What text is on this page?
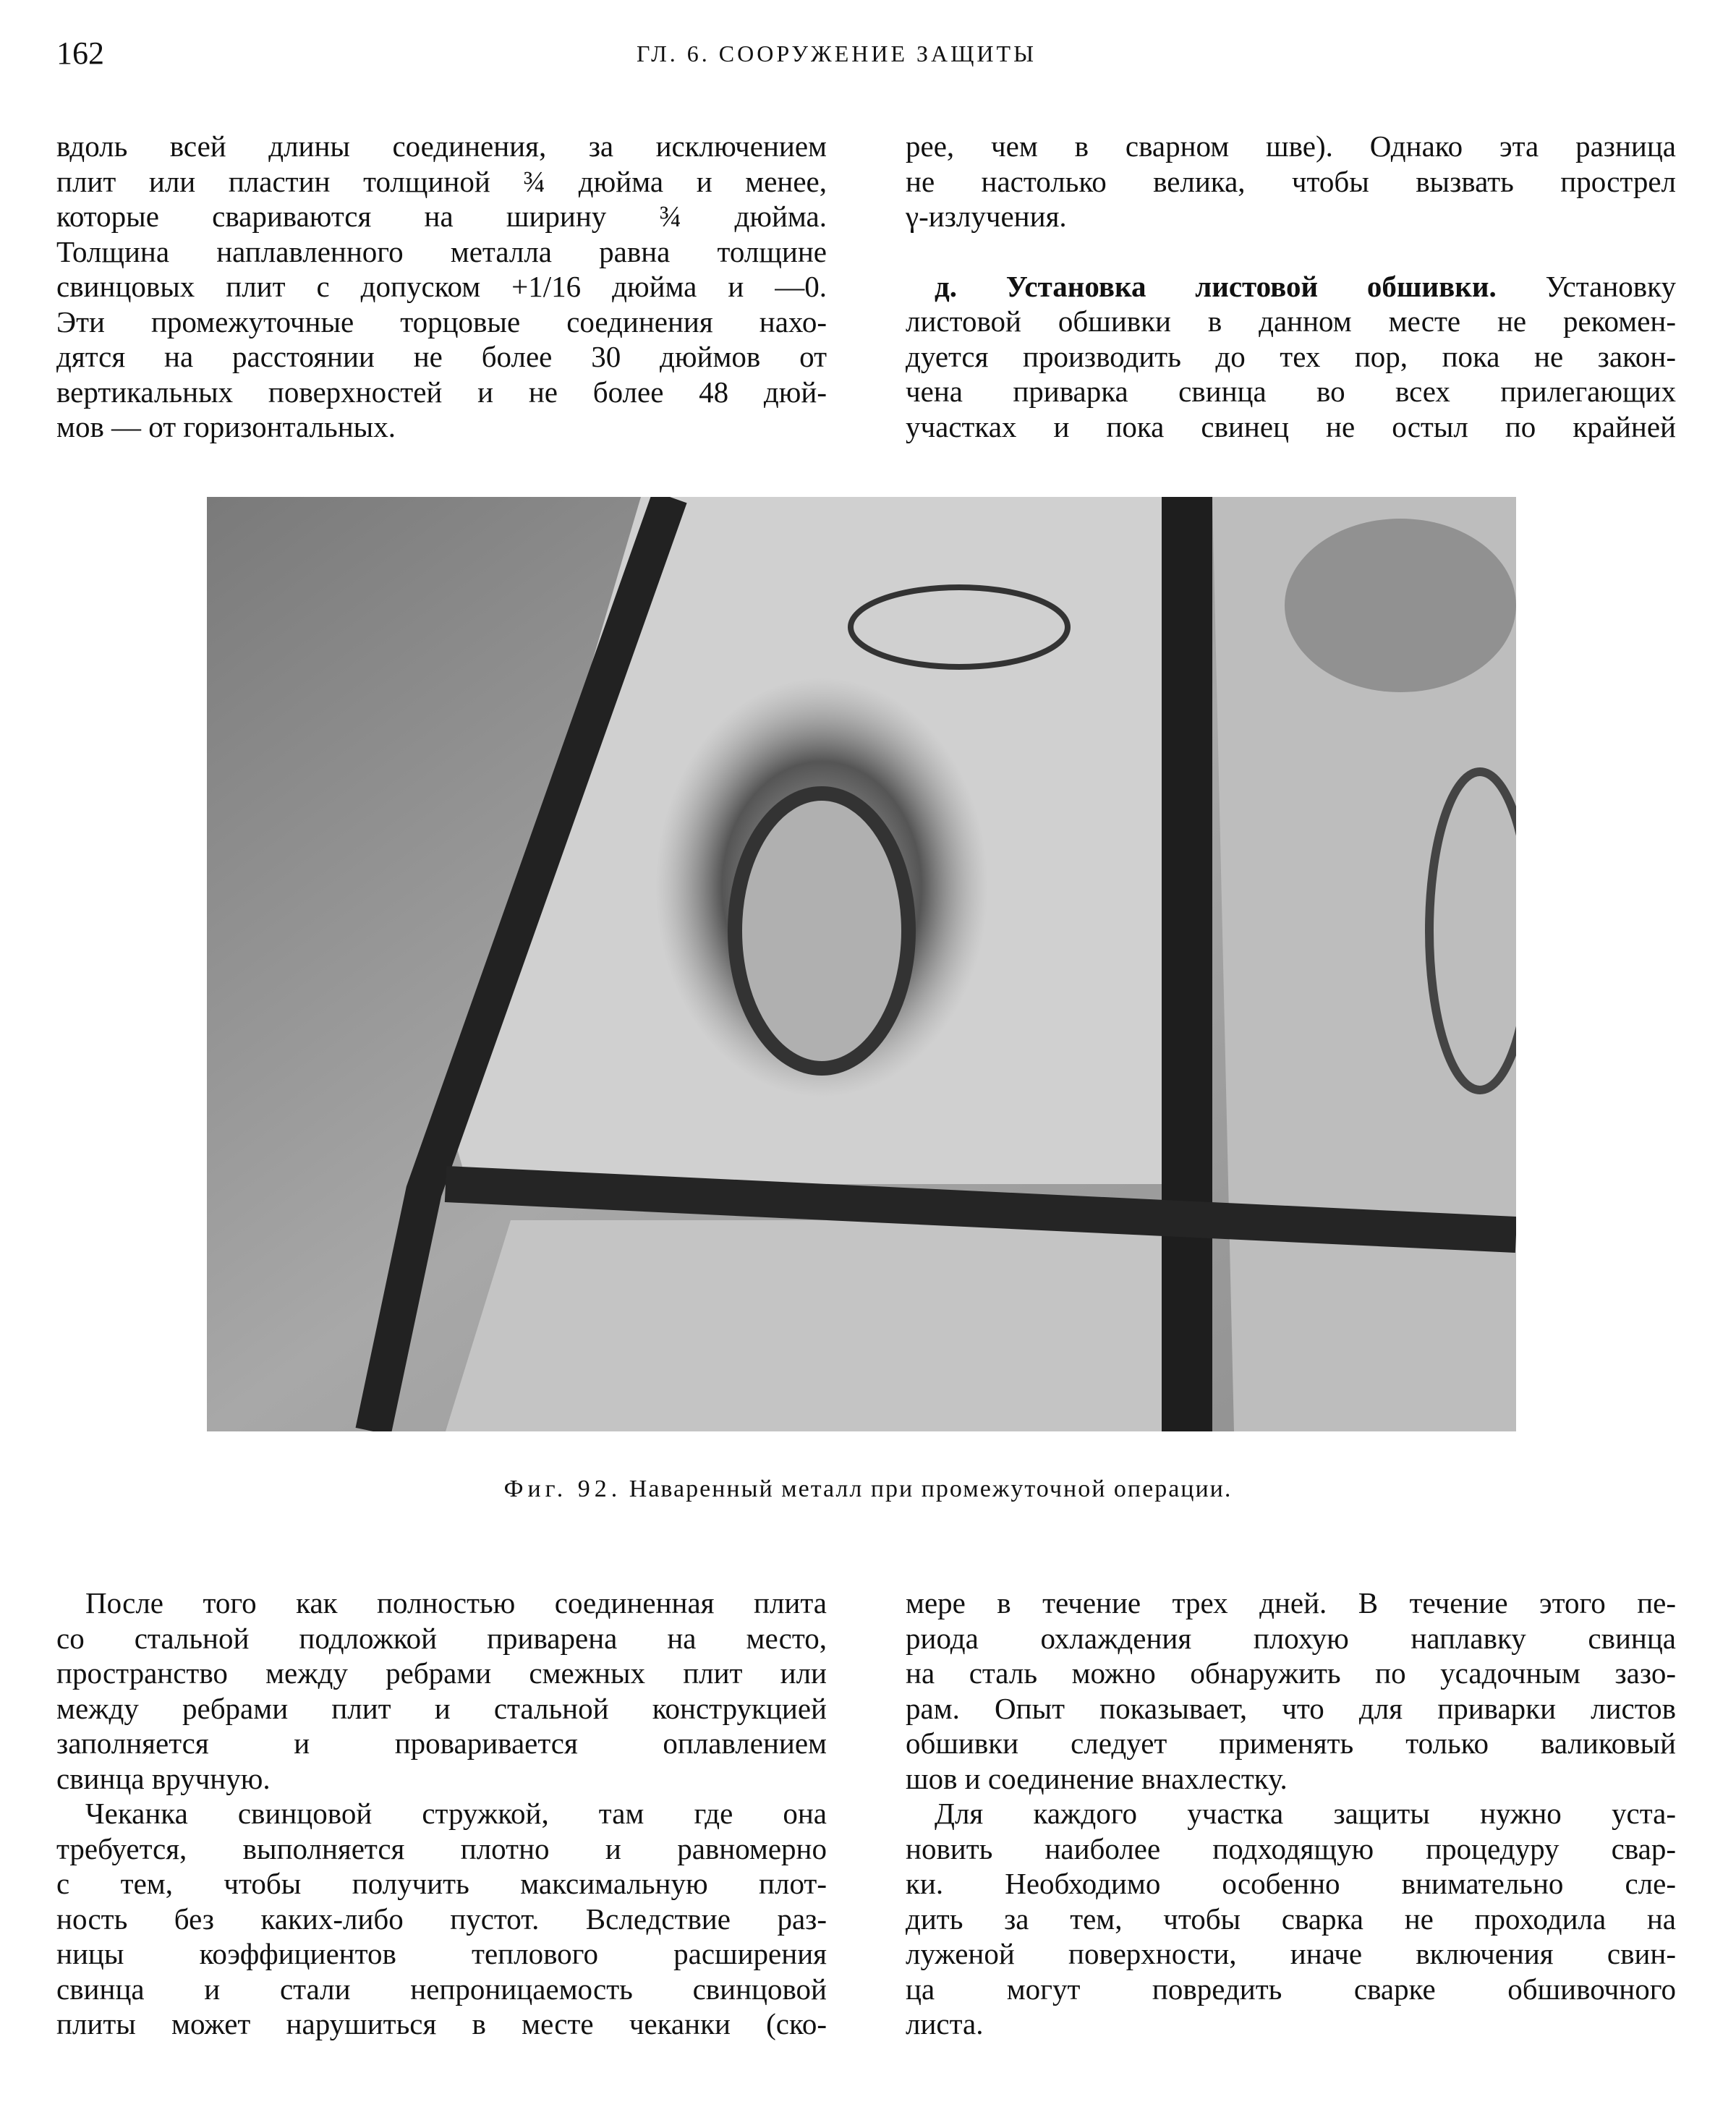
162	ГЛ. 6. СООРУЖЕНИЕ ЗАЩИТЫ
вдоль всей длины соединения, за исключением
плит или пластин толщиной ¾ дюйма и менее,
которые свариваются на ширину ¾ дюйма.
Толщина наплавленного металла равна толщине
свинцовых плит с допуском +1/16 дюйма и —0.
Эти промежуточные торцовые соединения нахо-
дятся на расстоянии не более 30 дюймов от
вертикальных поверхностей и не более 48 дюй-
мов — от горизонтальных.
рее, чем в сварном шве). Однако эта разница
не настолько велика, чтобы вызвать прострел
γ-излучения.
д. Установка листовой обшивки. Установку
листовой обшивки в данном месте не рекомен-
дуется производить до тех пор, пока не закон-
чена приварка свинца во всех прилегающих
участках и пока свинец не остыл по крайней
Фиг. 92. Наваренный металл при промежуточной операции.
После того как полностью соединенная плита
со стальной подложкой приварена на место,
пространство между ребрами смежных плит или
между ребрами плит и стальной конструкцией
заполняется и проваривается оплавлением
свинца вручную.
Чеканка свинцовой стружкой, там где она
требуется, выполняется плотно и равномерно
с тем, чтобы получить максимальную плот-
ность без каких-либо пустот. Вследствие раз-
ницы коэффициентов теплового расширения
свинца и стали непроницаемость свинцовой
плиты может нарушиться в месте чеканки (ско-
мере в течение трех дней. В течение этого пе-
риода охлаждения плохую наплавку свинца
на сталь можно обнаружить по усадочным зазо-
рам. Опыт показывает, что для приварки листов
обшивки следует применять только валиковый
шов и соединение внахлестку.
Для каждого участка защиты нужно уста-
новить наиболее подходящую процедуру свар-
ки. Необходимо особенно внимательно сле-
дить за тем, чтобы сварка не проходила на
луженой поверхности, иначе включения свин-
ца могут повредить сварке обшивочного
листа.
